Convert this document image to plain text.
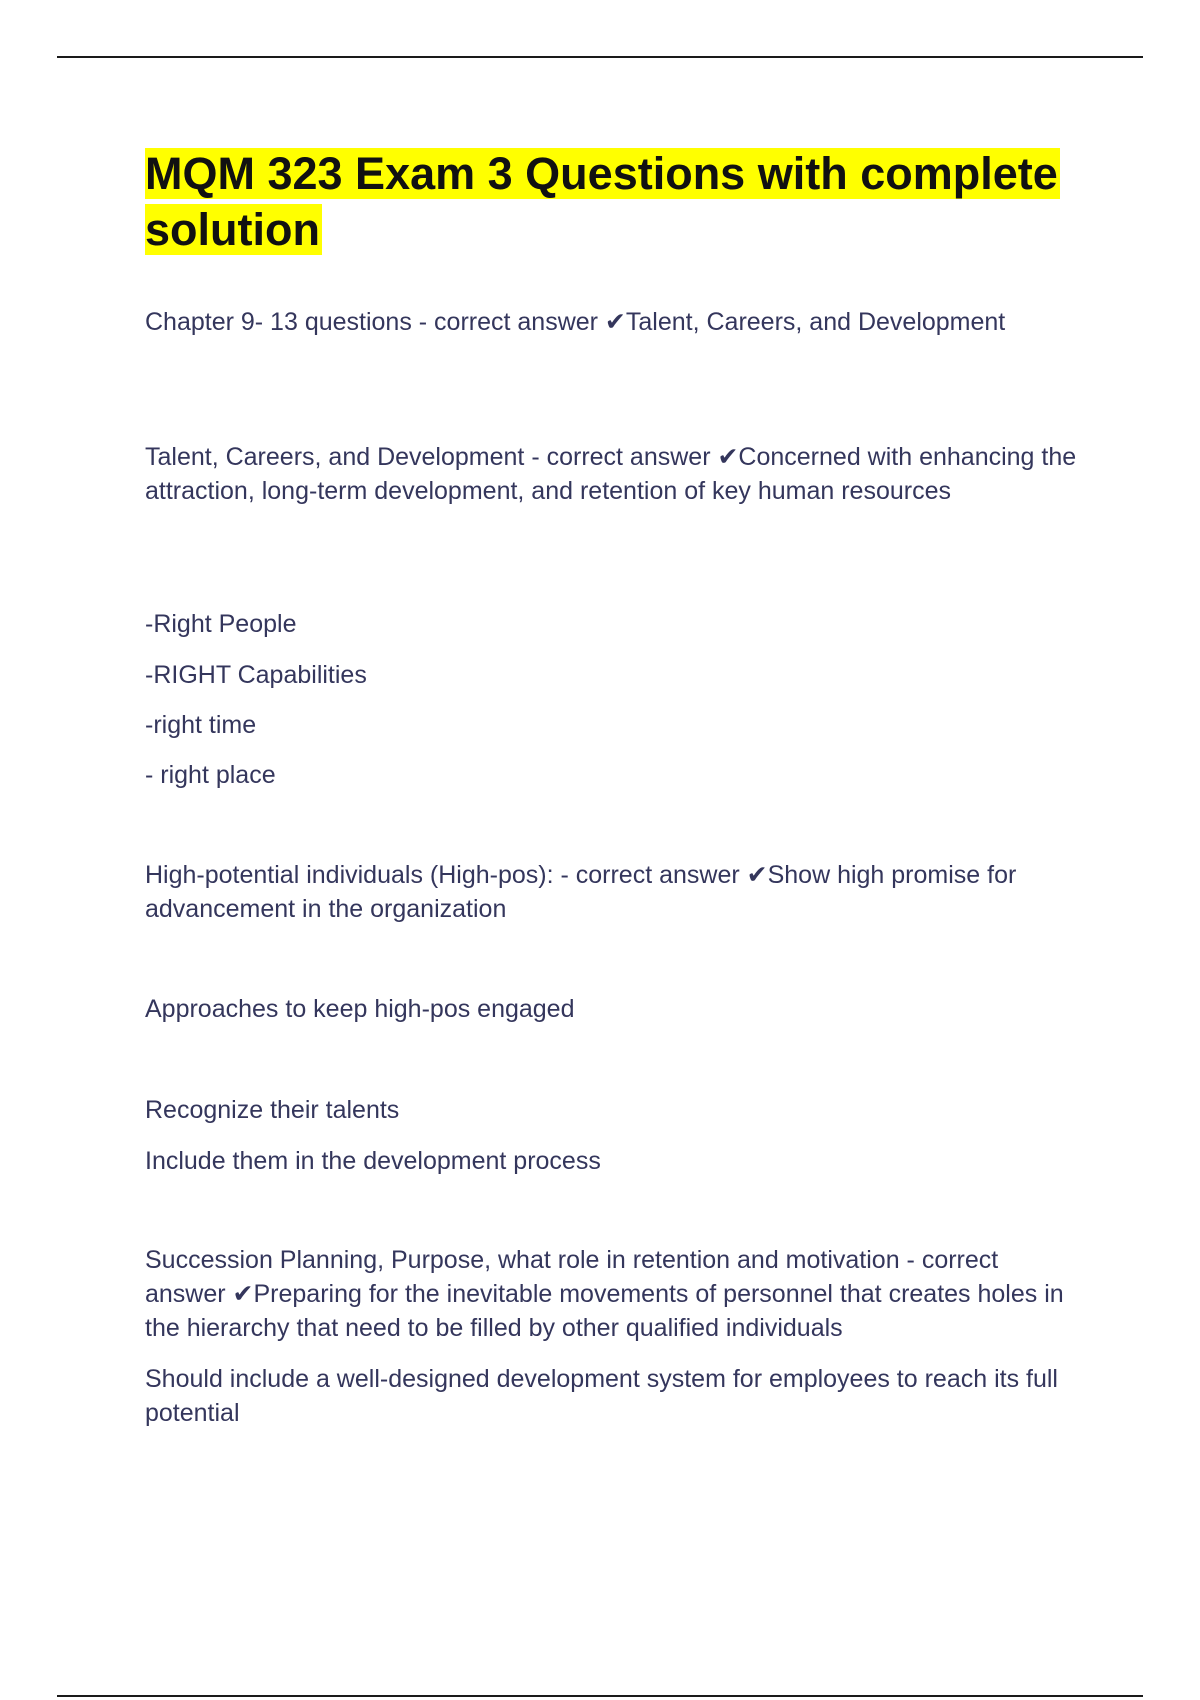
MQM 323 Exam 3 Questions with complete solution

Chapter 9- 13 questions - correct answer ✔Talent, Careers, and Development

Talent, Careers, and Development - correct answer ✔Concerned with enhancing the attraction, long-term development, and retention of key human resources

-Right People

-RIGHT Capabilities

-right time

- right place

High-potential individuals (High-pos): - correct answer ✔Show high promise for advancement in the organization

Approaches to keep high-pos engaged

Recognize their talents

Include them in the development process

Succession Planning, Purpose, what role in retention and motivation - correct answer ✔Preparing for the inevitable movements of personnel that creates holes in the hierarchy that need to be filled by other qualified individuals

Should include a well-designed development system for employees to reach its full potential
